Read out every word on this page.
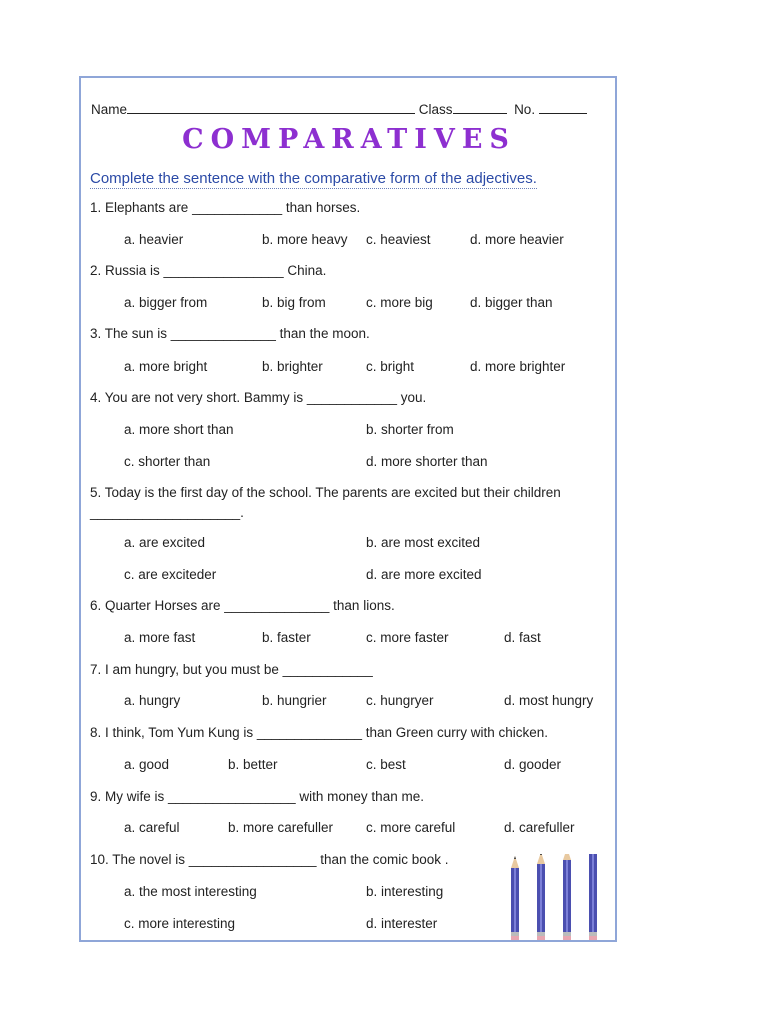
Name	Class	No.
COMPARATIVES
Complete the sentence with the comparative form of the adjectives.
1. Elephants are ____________ than horses.
a. heavier	b. more heavy c. heaviest	d. more heavier
2. Russia is ________________ China.
a. bigger from	b. big from	c. more big	d. bigger than
3. The sun is ______________ than the moon.
a. more bright	b. brighter	c. bright	d. more brighter
4. You are not very short. Bammy is ____________ you.
a. more short than	b. shorter from
c. shorter than	d. more shorter than
5. Today is the first day of the school. The parents are excited but their children
____________________.
a. are excited	b. are most excited
c. are exciteder	d. are more excited
6. Quarter Horses are ______________ than lions.
a. more fast	b. faster	c. more faster	d. fast
7. I am hungry, but you must be ____________
a. hungry	b. hungrier	c. hungryer	d. most hungry
8. I think, Tom Yum Kung is ______________ than Green curry with chicken.
a. good	b. better	c. best	d. gooder
9. My wife is _________________ with money than me.
a. careful	b. more carefuller c. more careful	d. carefuller
10. The novel is _________________ than the comic book .
a. the most interesting	b. interesting
c. more interesting	d. interester
